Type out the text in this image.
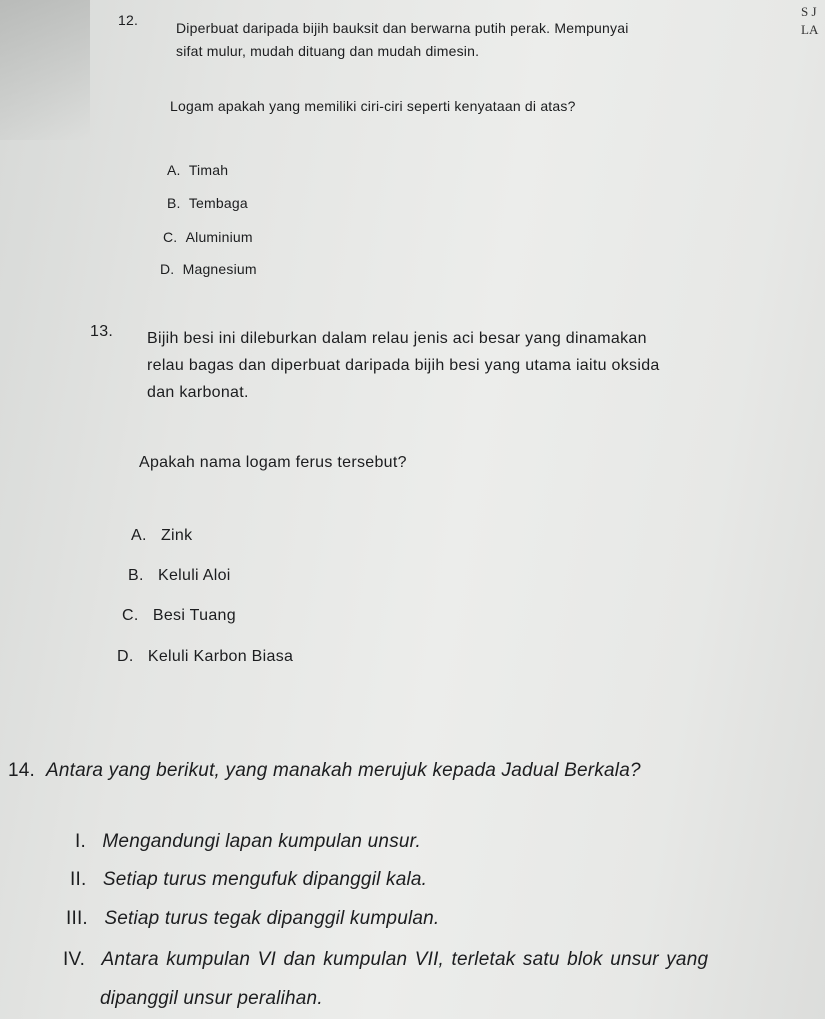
S J
LA
12.	Diperbuat daripada bijih bauksit dan berwarna putih perak. Mempunyai
sifat mulur, mudah dituang dan mudah dimesin.
Logam apakah yang memiliki ciri-ciri seperti kenyataan di atas?
A. Timah
B. Tembaga
C. Aluminium
D. Magnesium
13. Bijih besi ini dileburkan dalam relau jenis aci besar yang dinamakan
relau bagas dan diperbuat daripada bijih besi yang utama iaitu oksida
dan karbonat.
Apakah nama logam ferus tersebut?
A. Zink
B. Keluli Aloi
C. Besi Tuang
D. Keluli Karbon Biasa
14. Antara yang berikut, yang manakah merujuk kepada Jadual Berkala?
I. Mengandungi lapan kumpulan unsur.
II. Setiap turus mengufuk dipanggil kala.
III. Setiap turus tegak dipanggil kumpulan.
IV. Antara kumpulan VI dan kumpulan VII, terletak satu blok unsur yang
dipanggil unsur peralihan.
